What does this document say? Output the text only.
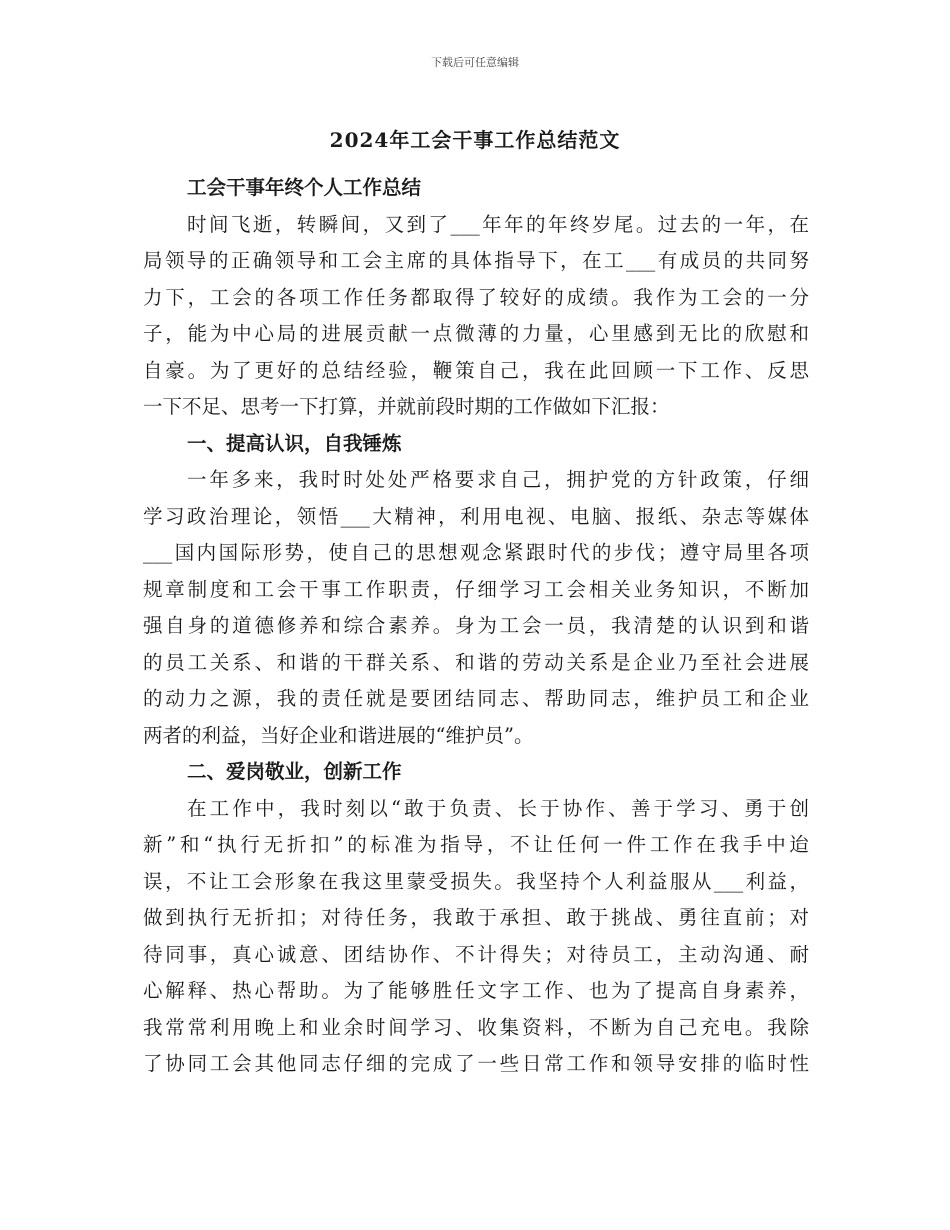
下载后可任意编辑
2024年工会干事工作总结范文
工会干事年终个人工作总结
时间飞逝，转瞬间，又到了___年年的年终岁尾。过去的一年，在
局领导的正确领导和工会主席的具体指导下，在工___有成员的共同努
力下，工会的各项工作任务都取得了较好的成绩。我作为工会的一分
子，能为中心局的进展贡献一点微薄的力量，心里感到无比的欣慰和
自豪。为了更好的总结经验，鞭策自己，我在此回顾一下工作、反思
一下不足、思考一下打算，并就前段时期的工作做如下汇报：
一、提高认识，自我锤炼
一年多来，我时时处处严格要求自己，拥护党的方针政策，仔细
学习政治理论，领悟___大精神，利用电视、电脑、报纸、杂志等媒体
___国内国际形势，使自己的思想观念紧跟时代的步伐；遵守局里各项
规章制度和工会干事工作职责，仔细学习工会相关业务知识，不断加
强自身的道德修养和综合素养。身为工会一员，我清楚的认识到和谐
的员工关系、和谐的干群关系、和谐的劳动关系是企业乃至社会进展
的动力之源，我的责任就是要团结同志、帮助同志，维护员工和企业
两者的利益，当好企业和谐进展的“维护员”。
二、爱岗敬业，创新工作
在工作中，我时刻以“敢于负责、长于协作、善于学习、勇于创
新”和“执行无折扣”的标准为指导，不让任何一件工作在我手中迨
误，不让工会形象在我这里蒙受损失。我坚持个人利益服从___利益，
做到执行无折扣；对待任务，我敢于承担、敢于挑战、勇往直前；对
待同事，真心诚意、团结协作、不计得失；对待员工，主动沟通、耐
心解释、热心帮助。为了能够胜任文字工作、也为了提高自身素养，
我常常利用晚上和业余时间学习、收集资料，不断为自己充电。我除
了协同工会其他同志仔细的完成了一些日常工作和领导安排的临时性
